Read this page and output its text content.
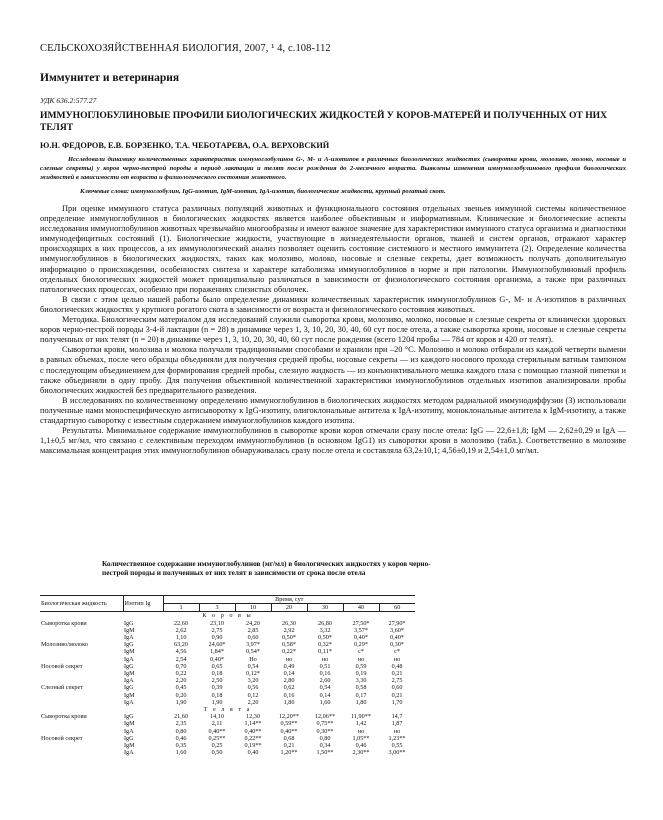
СЕЛЬСКОХОЗЯЙСТВЕННАЯ БИОЛОГИЯ, 2007, ¹ 4, с.108-112
Иммунитет и ветеринария
УДК 636.2:577.27
ИММУНОГЛОБУЛИНОВЫЕ ПРОФИЛИ БИОЛОГИЧЕСКИХ ЖИДКОСТЕЙ У КОРОВ-МАТЕРЕЙ И ПОЛУЧЕННЫХ ОТ НИХ ТЕЛЯТ
Ю.Н. ФЕДОРОВ, Е.В. БОРЗЕНКО, Т.А. ЧЕБОТАРЕВА, О.А. ВЕРХОВСКИЙ
Исследовали динамику количественных характеристик иммуноглобулинов G-, M- и A-изотипов в различных биологических жидкостях (сыворотка крови, молозиво, молоко, носовые и слезные секреты) у коров черно-пестрой породы в период лактации и телят после рождения до 2-месячного возраста. Выявлены изменения иммуноглобулинового профиля биологических жидкостей в зависимости от возраста и физиологического состояния животного.
Ключевые слова: иммуноглобулин, IgG-изотип, IgM-изотип, IgA-изотип, биологические жидкости, крупный рогатый скот.

При оценке иммунного статуса различных популяций животных и функционального состояния отдельных звеньев иммунной системы количественное определение иммуноглобулинов в биологических жидкостях является наиболее объективным и информативным. Клинические и биологические аспекты исследования иммуноглобулинов животных чрезвычайно многообразны и имеют важное значение для характеристики иммунного статуса организма и диагностики иммунодефицитных состояний (1). Биологические жидкости, участвующие в жизнедеятельности органов, тканей и систем органов, отражают характер происходящих в них процессов, а их иммунологический анализ позволяет оценить состояние системного и местного иммунитета (2). Определение количества иммуноглобулинов в биологических жидкостях, таких как молозиво, молоко, носовые и слезные секреты, дает возможность получать дополнительную информацию о происхождении, особенностях синтеза и характере катаболизма иммуноглобулинов в норме и при патологии. Иммуноглобулиновый профиль отдельных биологических жидкостей может принципиально различаться в зависимости от физиологического состояния организма, а также при различных патологических процессах, особенно при поражениях слизистых оболочек.

В связи с этим целью нашей работы было определение динамики количественных характеристик иммуноглобулинов G-, M- и A-изотипов в различных биологических жидкостях у крупного рогатого скота в зависимости от возраста и физиологического состояния животных.

Методика. Биологическим материалом для исследований служили сыворотка крови, молозиво, молоко, носовые и слезные секреты от клинически здоровых коров черно-пестрой породы 3-4-й лактации (n = 28) в динамике через 1, 3, 10, 20, 30, 40, 60 сут после отела, а также сыворотка крови, носовые и слезные секреты полученных от них телят (n = 20) в динамике через 1, 3, 10, 20, 30, 40, 60 сут после рождения (всего 1204 пробы — 784 от коров и 420 от телят).

Сыворотки крови, молозива и молока получали традиционными способами и хранили при –20 °C. Молозиво и молоко отбирали из каждой четверти вымени в равных объемах, после чего образцы объединяли для получения средней пробы, носовые секреты — из каждого носового прохода стерильным ватным тампоном с последующим объединением для формирования средней пробы, слезную жидкость — из конъюнктивального мешка каждого глаза с помощью глазной пипетки и также объединяли в одну пробу. Для получения объективной количественной характеристики иммуноглобулинов отдельных изотипов анализировали пробы биологических жидкостей без предварительного разведения.

В исследованиях по количественному определению иммуноглобулинов в биологических жидкостях методом радиальной иммунодиффузии (3) использовали полученные нами моноспецифическую антисыворотку к IgG-изотипу, олигоклональные антитела к IgA-изотипу, моноклональные антитела к IgM-изотипу, а также стандартную сыворотку с известным содержанием иммуноглобулинов каждого изотипа.

Результаты. Минимальное содержание иммуноглобулинов в сыворотке крови коров отмечали сразу после отела: IgG — 22,6±1,8; IgM — 2,62±0,29 и IgA — 1,1±0,5 мг/мл, что связано с селективным переходом иммуноглобулинов (в основном IgG1) из сыворотки крови в молозиво (табл.). Соответственно в молозиве максимальная концентрация этих иммуноглобулинов обнаруживалась сразу после отела и составляла 63,2±10,1; 4,56±0,19 и 2,54±1,0 мг/мл.

Количественное содержание иммуноглобулинов (мг/мл) в биологических жидкостях у коров черно-пестрой породы и полученных от них телят в зависимости от срока после отела
Биологическая жидкость	Изотип Ig	Время, сут						
		1	3	10	20	30	40	60
К о р о в ы								
Сыворотка крови	IgG	22,60	23,10	24,20	26,30	26,80	27,50*	27,90*
	IgM	2,62	2,75	2,85	2,92	3,32	3,57*	3,60*
	IgA	1,10	0,90	0,60	0,50*	0,50*	0,40*	0,40*
Молозиво/молоко	IgG	63,20	24,60*	3,97*	0,58*	0,32*	0,29*	0,30*
	IgM	4,56	1,84*	0,54*	0,22*	0,11*	с*	с*
	IgA	2,54	0,40*	Но	но	но	но	но
Носовой секрет	IgG	0,70	0,65	0,54	0,49	0,51	0,59	0,48
	IgM	0,22	0,18	0,12*	0,14	0,16	0,19	0,21
	IgA	2,20	2,50	3,20	2,80	2,60	3,30	2,75
Слезный секрет	IgG	0,45	0,39	0,56	0,62	0,54	0,58	0,60
	IgM	0,20	0,18	0,12	0,16	0,14	0,17	0,21
	IgA	1,90	1,90	2,20	1,80	1,60	1,80	1,70
Т е л я т а								
Сыворотка крови	IgG	21,60	14,10	12,30	12,20**	12,06**	11,90**	14,7
	IgM	2,35	2,11	1,14**	0,59**	0,75**	1,42	1,87
	IgA	0,80	0,40**	0,40**	0,40**	0,30**	но	но
Носовой секрет	IgG	0,46	0,25**	0,22**	0,68	0,80	1,05**	1,23**
	IgM	0,35	0,25	0,19**	0,21	0,34	0,46	0,55
	IgA	1,60	0,50	0,40	1,20**	1,50**	2,30**	3,00**
